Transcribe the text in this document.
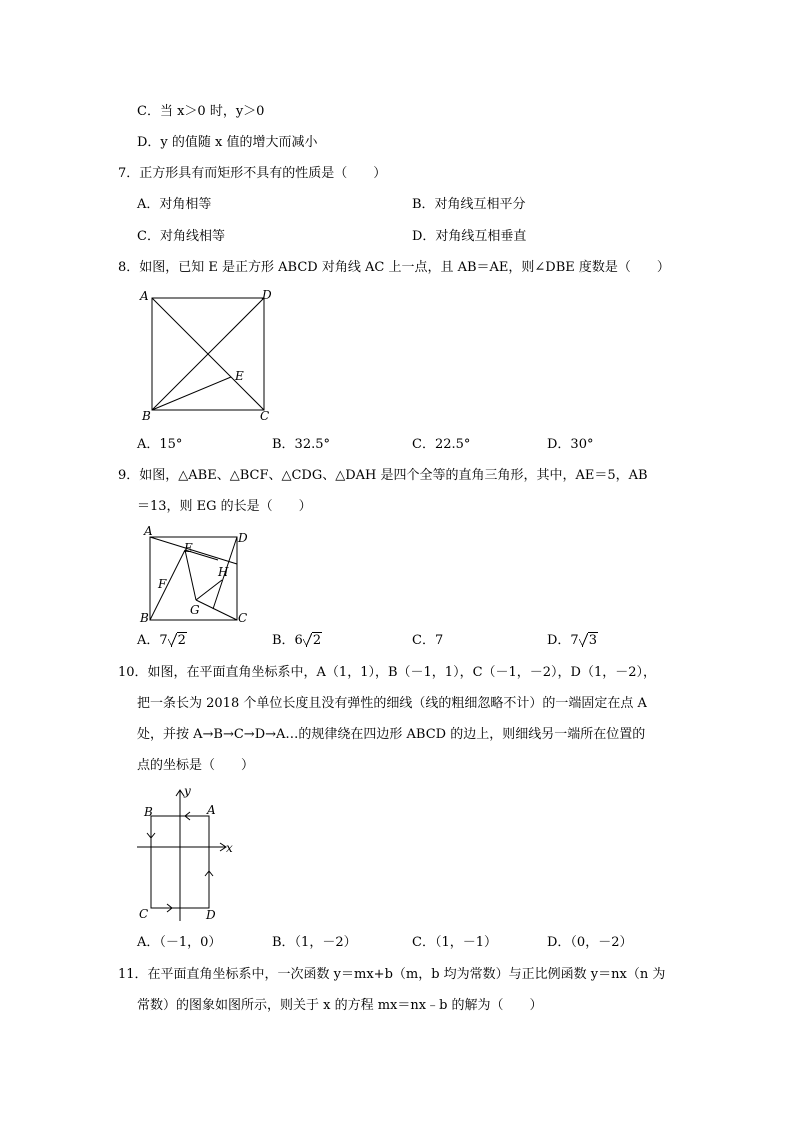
C．当 x＞0 时，y＞0
D．y 的值随 x 值的增大而减小
7．正方形具有而矩形不具有的性质是（　　）
A．对角相等	B．对角线互相平分
C．对角线相等	D．对角线互相垂直
8．如图，已知 E 是正方形 ABCD 对角线 AC 上一点，且 AB＝AE，则∠DBE 度数是（　　）
A	D
B	C
E
A．15°	B．32.5°	C．22.5°	D．30°
9．如图，△ABE、△BCF、△CDG、△DAH 是四个全等的直角三角形，其中，AE＝5，AB
＝13，则 EG 的长是（　　）
A	D
E
H
F
G
B	C
A．7 2	B．6 2	C．7	D．7 3
10．如图，在平面直角坐标系中，A（1，1），B（－1，1），C（－1，－2），D（1，－2），
把一条长为 2018 个单位长度且没有弹性的细线（线的粗细忽略不计）的一端固定在点 A
处，并按 A→B→C→D→A…的规律绕在四边形 ABCD 的边上，则细线另一端所在位置的
点的坐标是（　　）
y
B	A
x
C	D
A．（－1，0）	B．（1，－2）	C．（1，－1）	D．（0，－2）
11．在平面直角坐标系中，一次函数 y＝mx+b（m，b 均为常数）与正比例函数 y＝nx（n 为
常数）的图象如图所示，则关于 x 的方程 mx＝nx﹣b 的解为（　　）
